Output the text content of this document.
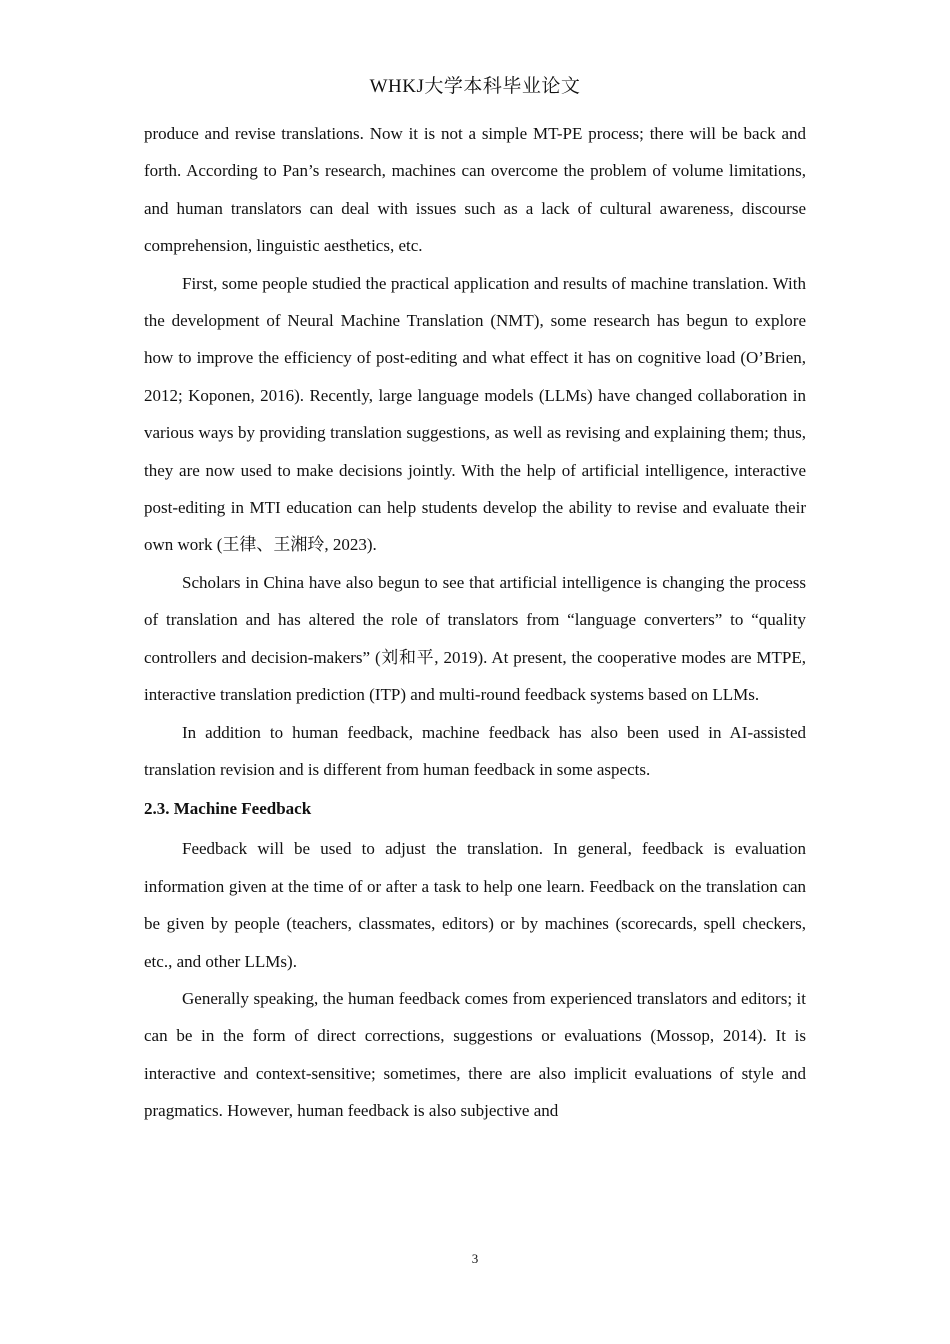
WHKJ大学本科毕业论文

produce and revise translations. Now it is not a simple MT-PE process; there will be back and forth. According to Pan’s research, machines can overcome the problem of volume limitations, and human translators can deal with issues such as a lack of cultural awareness, discourse comprehension, linguistic aesthetics, etc.

First, some people studied the practical application and results of machine translation. With the development of Neural Machine Translation (NMT), some research has begun to explore how to improve the efficiency of post-editing and what effect it has on cognitive load (O’Brien, 2012; Koponen, 2016). Recently, large language models (LLMs) have changed collaboration in various ways by providing translation suggestions, as well as revising and explaining them; thus, they are now used to make decisions jointly. With the help of artificial intelligence, interactive post-editing in MTI education can help students develop the ability to revise and evaluate their own work (王律、王湘玲, 2023).

Scholars in China have also begun to see that artificial intelligence is changing the process of translation and has altered the role of translators from “language converters” to “quality controllers and decision-makers” (刘和平, 2019). At present, the cooperative modes are MTPE, interactive translation prediction (ITP) and multi-round feedback systems based on LLMs.

In addition to human feedback, machine feedback has also been used in AI-assisted translation revision and is different from human feedback in some aspects.

2.3. Machine Feedback

Feedback will be used to adjust the translation. In general, feedback is evaluation information given at the time of or after a task to help one learn. Feedback on the translation can be given by people (teachers, classmates, editors) or by machines (scorecards, spell checkers, etc., and other LLMs).

Generally speaking, the human feedback comes from experienced translators and editors; it can be in the form of direct corrections, suggestions or evaluations (Mossop, 2014). It is interactive and context-sensitive; sometimes, there are also implicit evaluations of style and pragmatics. However, human feedback is also subjective and

3
